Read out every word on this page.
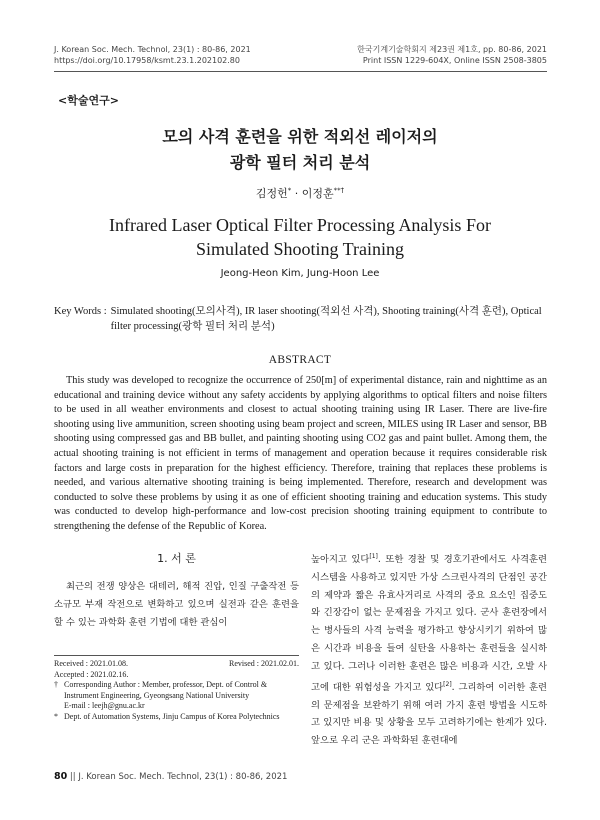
J. Korean Soc. Mech. Technol, 23(1) : 80-86, 2021	한국기계기술학회지 제23권 제1호, pp. 80-86, 2021
https://doi.org/10.17958/ksmt.23.1.202102.80	Print ISSN 1229-604X, Online ISSN 2508-3805
<학술연구>
모의 사격 훈련을 위한 적외선 레이저의
광학 필터 처리 분석
김정헌* · 이정훈**†
Infrared Laser Optical Filter Processing Analysis For
Simulated Shooting Training
Jeong-Heon Kim, Jung-Hoon Lee
Key Words : Simulated shooting(모의사격), IR laser shooting(적외선 사격), Shooting training(사격 훈련), Optical filter processing(광학 필터 처리 분석)
ABSTRACT

This study was developed to recognize the occurrence of 250[m] of experimental distance, rain and nighttime as an educational and training device without any safety accidents by applying algorithms to optical filters and noise filters to be used in all weather environments and closest to actual shooting training using IR Laser. There are live-fire shooting using live ammunition, screen shooting using beam project and screen, MILES using IR Laser and sensor, BB shooting using compressed gas and BB bullet, and painting shooting using CO2 gas and paint bullet. Among them, the actual shooting training is not efficient in terms of management and operation because it requires considerable risk factors and large costs in preparation for the highest efficiency. Therefore, training that replaces these problems is needed, and various alternative shooting training is being implemented. Therefore, research and development was conducted to solve these problems by using it as one of efficient shooting training and education systems. This study was conducted to develop high-performance and low-cost precision shooting training equipment to contribute to strengthening the defense of the Republic of Korea.

1. 서 론

최근의 전쟁 양상은 대테러, 해적 진압, 인질 구출작전 등 소규모 부재 작전으로 변화하고 있으며 실전과 같은 훈련을 할 수 있는 과학화 훈련 기법에 대한 관심이

높아지고 있다[1]. 또한 경찰 및 경호기관에서도 사격훈련 시스템을 사용하고 있지만 가상 스크린사격의 단점인 공간의 제약과 짧은 유효사거리로 사격의 중요 요소인 집중도와 긴장감이 없는 문제점을 가지고 있다. 군사 훈련장에서는 병사들의 사격 능력을 평가하고 향상시키기 위하여 많은 시간과 비용을 들여 실탄을 사용하는 훈련들을 실시하고 있다. 그러나 이러한 훈련은 많은 비용과 시간, 오발 사고에 대한 위험성을 가지고 있다[2]. 그리하여 이러한 훈련의 문제점을 보완하기 위해 여러 가지 훈련 방법을 시도하고 있지만 비용 및 상황을 모두 고려하기에는 한계가 있다. 앞으로 우리 군은 과학화된 훈련대에

Received : 2021.01.08.	Revised : 2021.02.01.
Accepted : 2021.02.16.
† Corresponding Author : Member, professor, Dept. of Control & Instrument Engineering, Gyeongsang National University
E-mail : leejh@gnu.ac.kr
* Dept. of Automation Systems, Jinju Campus of Korea Polytechnics
80 || J. Korean Soc. Mech. Technol, 23(1) : 80-86, 2021
